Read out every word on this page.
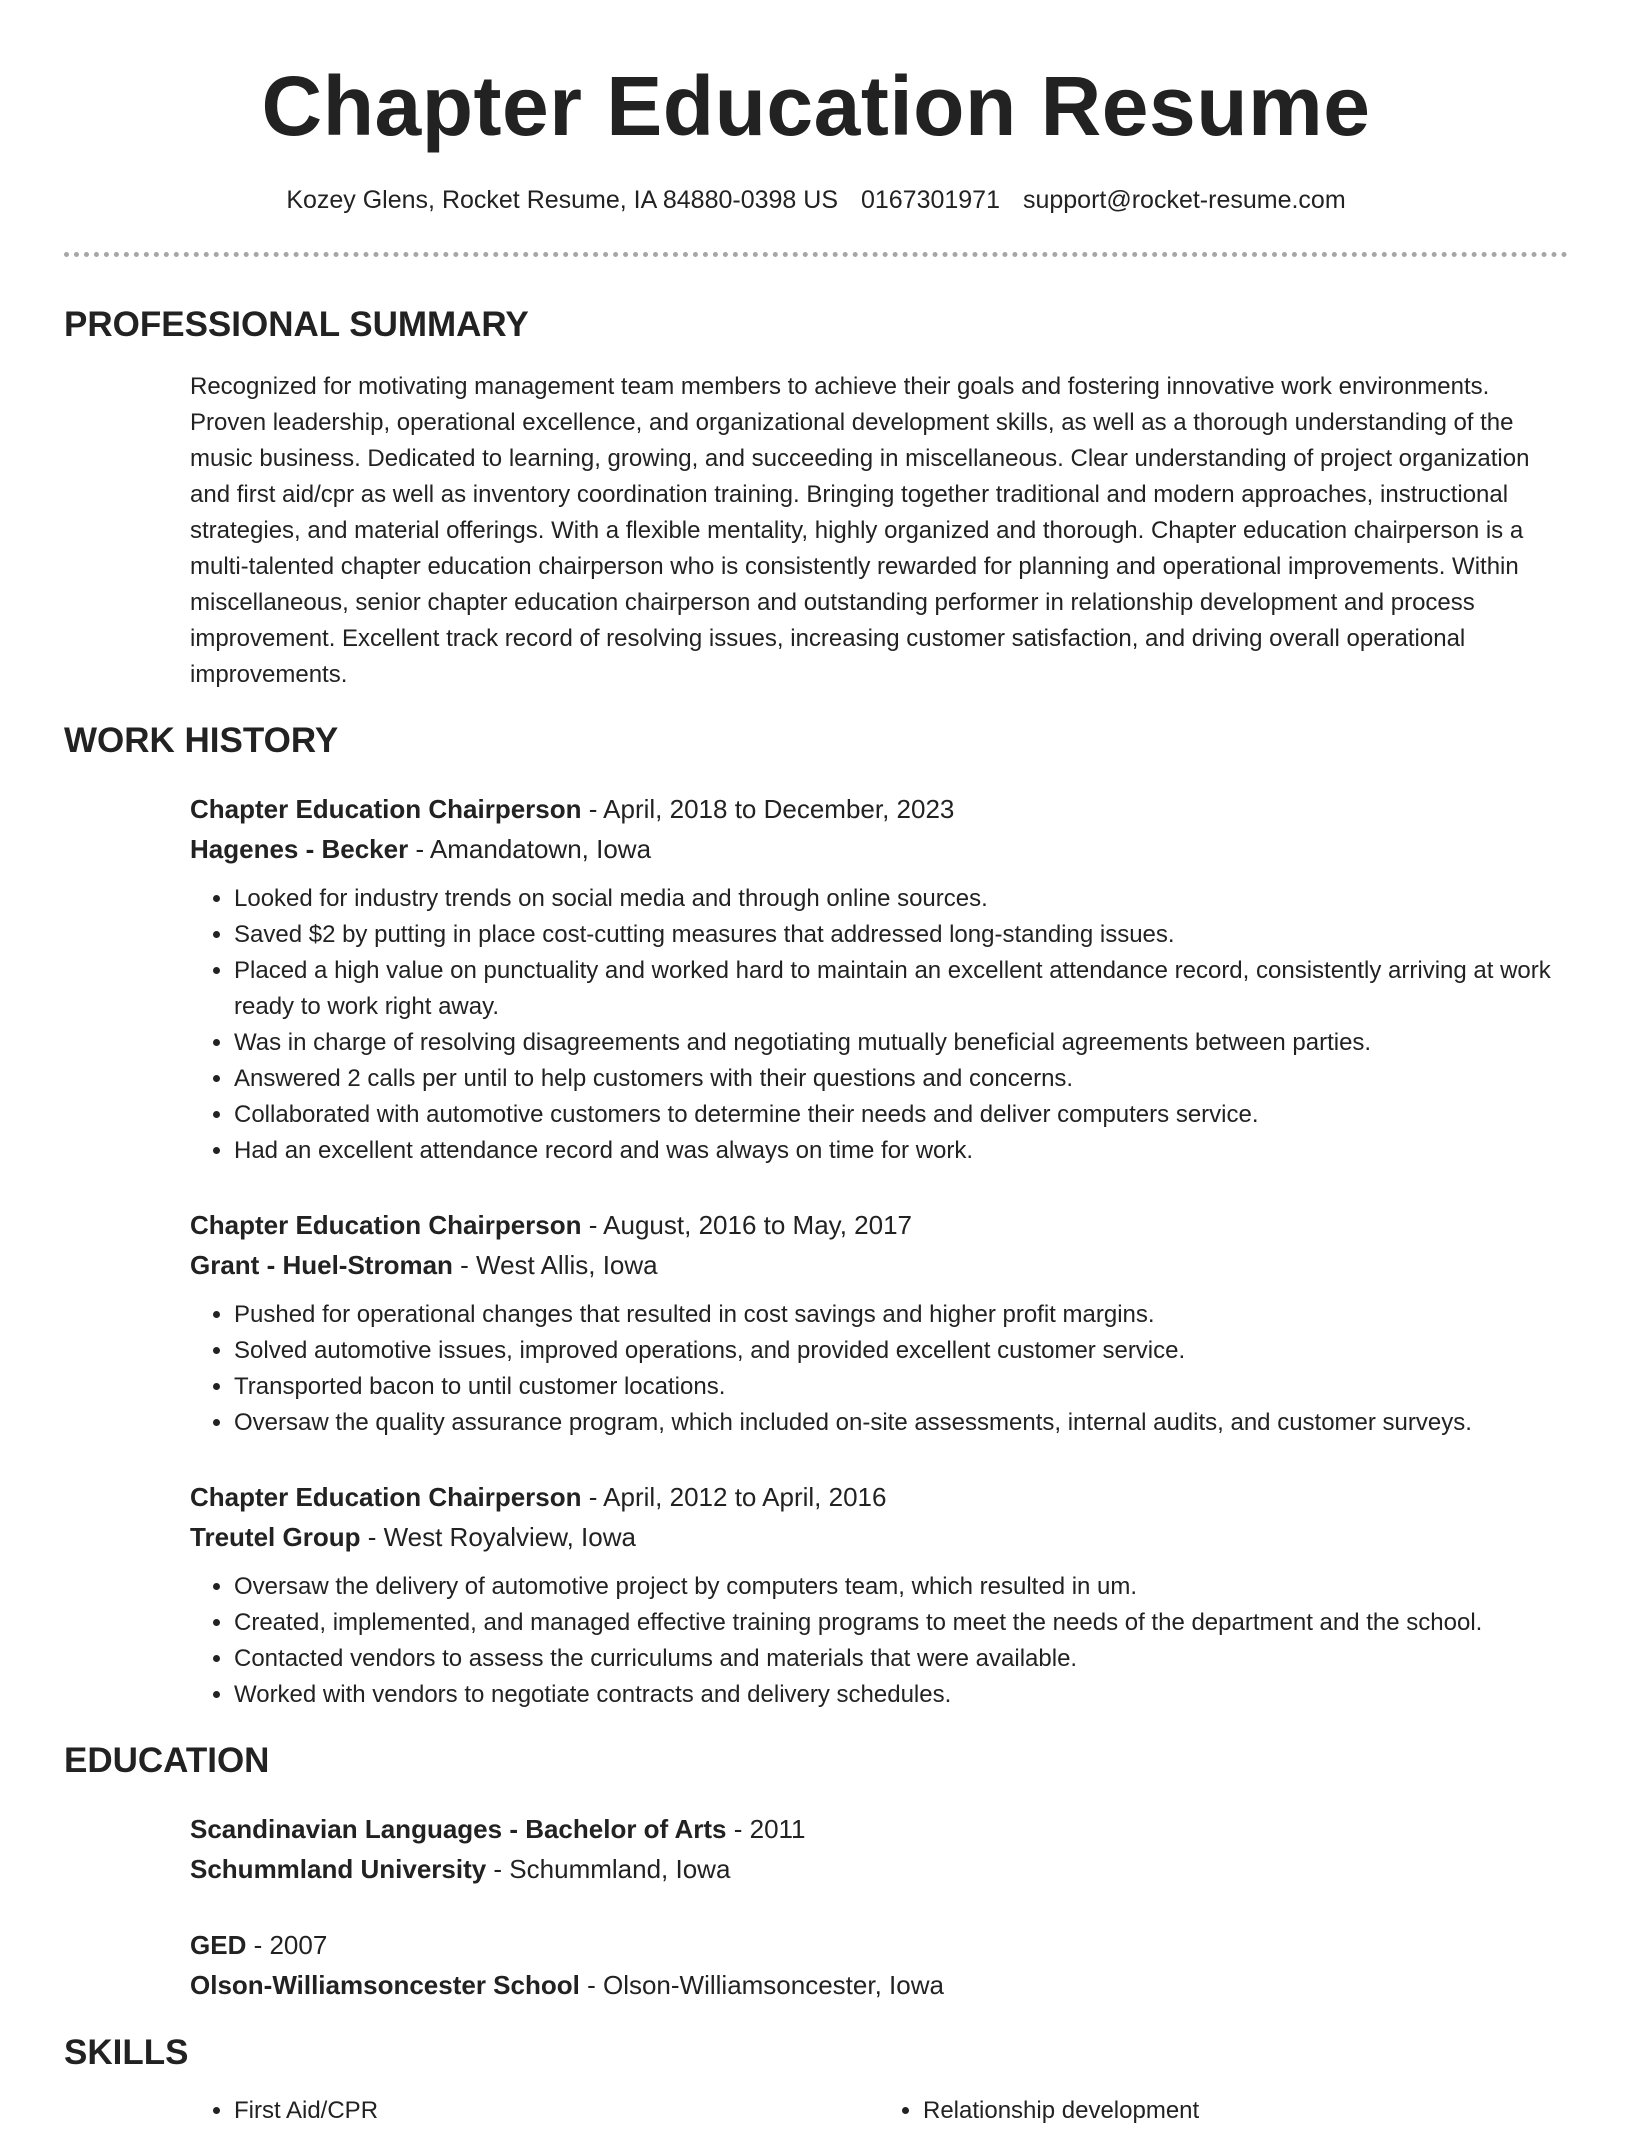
Chapter Education Resume
Kozey Glens, Rocket Resume, IA 84880-0398 US 0167301971 support@rocket-resume.com
PROFESSIONAL SUMMARY
Recognized for motivating management team members to achieve their goals and fostering innovative work environments. Proven leadership, operational excellence, and organizational development skills, as well as a thorough understanding of the music business. Dedicated to learning, growing, and succeeding in miscellaneous. Clear understanding of project organization and first aid/cpr as well as inventory coordination training. Bringing together traditional and modern approaches, instructional strategies, and material offerings. With a flexible mentality, highly organized and thorough. Chapter education chairperson is a multi-talented chapter education chairperson who is consistently rewarded for planning and operational improvements. Within miscellaneous, senior chapter education chairperson and outstanding performer in relationship development and process improvement. Excellent track record of resolving issues, increasing customer satisfaction, and driving overall operational improvements.
WORK HISTORY
Chapter Education Chairperson - April, 2018 to December, 2023
Hagenes - Becker - Amandatown, Iowa
• Looked for industry trends on social media and through online sources.
• Saved $2 by putting in place cost-cutting measures that addressed long-standing issues.
• Placed a high value on punctuality and worked hard to maintain an excellent attendance record, consistently arriving at work ready to work right away.
• Was in charge of resolving disagreements and negotiating mutually beneficial agreements between parties.
• Answered 2 calls per until to help customers with their questions and concerns.
• Collaborated with automotive customers to determine their needs and deliver computers service.
• Had an excellent attendance record and was always on time for work.
Chapter Education Chairperson - August, 2016 to May, 2017
Grant - Huel-Stroman - West Allis, Iowa
• Pushed for operational changes that resulted in cost savings and higher profit margins.
• Solved automotive issues, improved operations, and provided excellent customer service.
• Transported bacon to until customer locations.
• Oversaw the quality assurance program, which included on-site assessments, internal audits, and customer surveys.
Chapter Education Chairperson - April, 2012 to April, 2016
Treutel Group - West Royalview, Iowa
• Oversaw the delivery of automotive project by computers team, which resulted in um.
• Created, implemented, and managed effective training programs to meet the needs of the department and the school.
• Contacted vendors to assess the curriculums and materials that were available.
• Worked with vendors to negotiate contracts and delivery schedules.
EDUCATION
Scandinavian Languages - Bachelor of Arts - 2011
Schummland University - Schummland, Iowa
GED - 2007
Olson-Williamsoncester School - Olson-Williamsoncester, Iowa
SKILLS
• First Aid/CPR
•	Relationship development
